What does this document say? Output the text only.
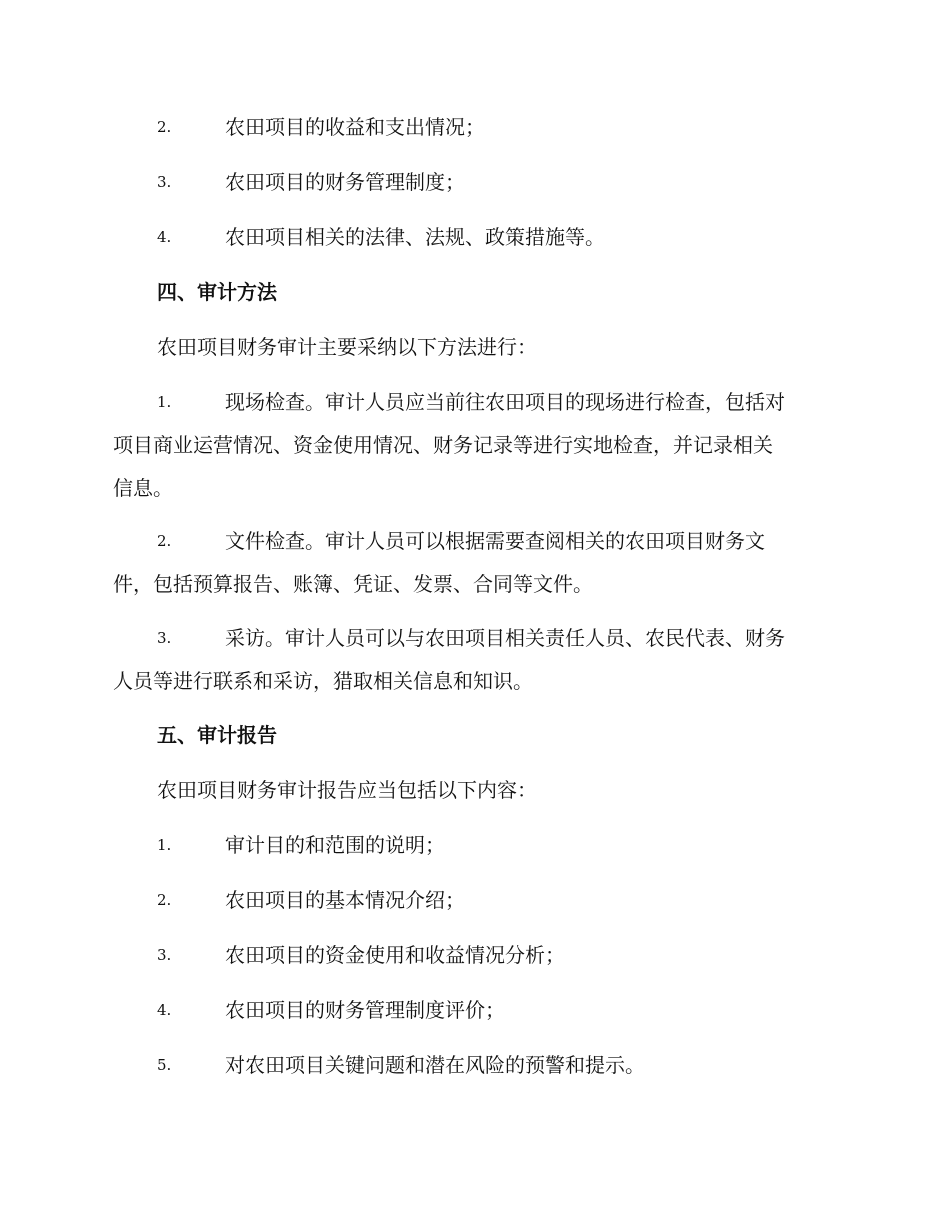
2.	农田项目的收益和支出情况；
3.	农田项目的财务管理制度；
4.	农田项目相关的法律、法规、政策措施等。
四、审计方法
农田项目财务审计主要采纳以下方法进行：
1.	现场检查。审计人员应当前往农田项目的现场进行检查，包括对
项目商业运营情况、资金使用情况、财务记录等进行实地检查，并记录相关
信息。
2.	文件检查。审计人员可以根据需要查阅相关的农田项目财务文
件，包括预算报告、账簿、凭证、发票、合同等文件。
3.	采访。审计人员可以与农田项目相关责任人员、农民代表、财务
人员等进行联系和采访，猎取相关信息和知识。
五、审计报告
农田项目财务审计报告应当包括以下内容：
1.	审计目的和范围的说明；
2.	农田项目的基本情况介绍；
3.	农田项目的资金使用和收益情况分析；
4.	农田项目的财务管理制度评价；
5.	对农田项目关键问题和潜在风险的预警和提示。
